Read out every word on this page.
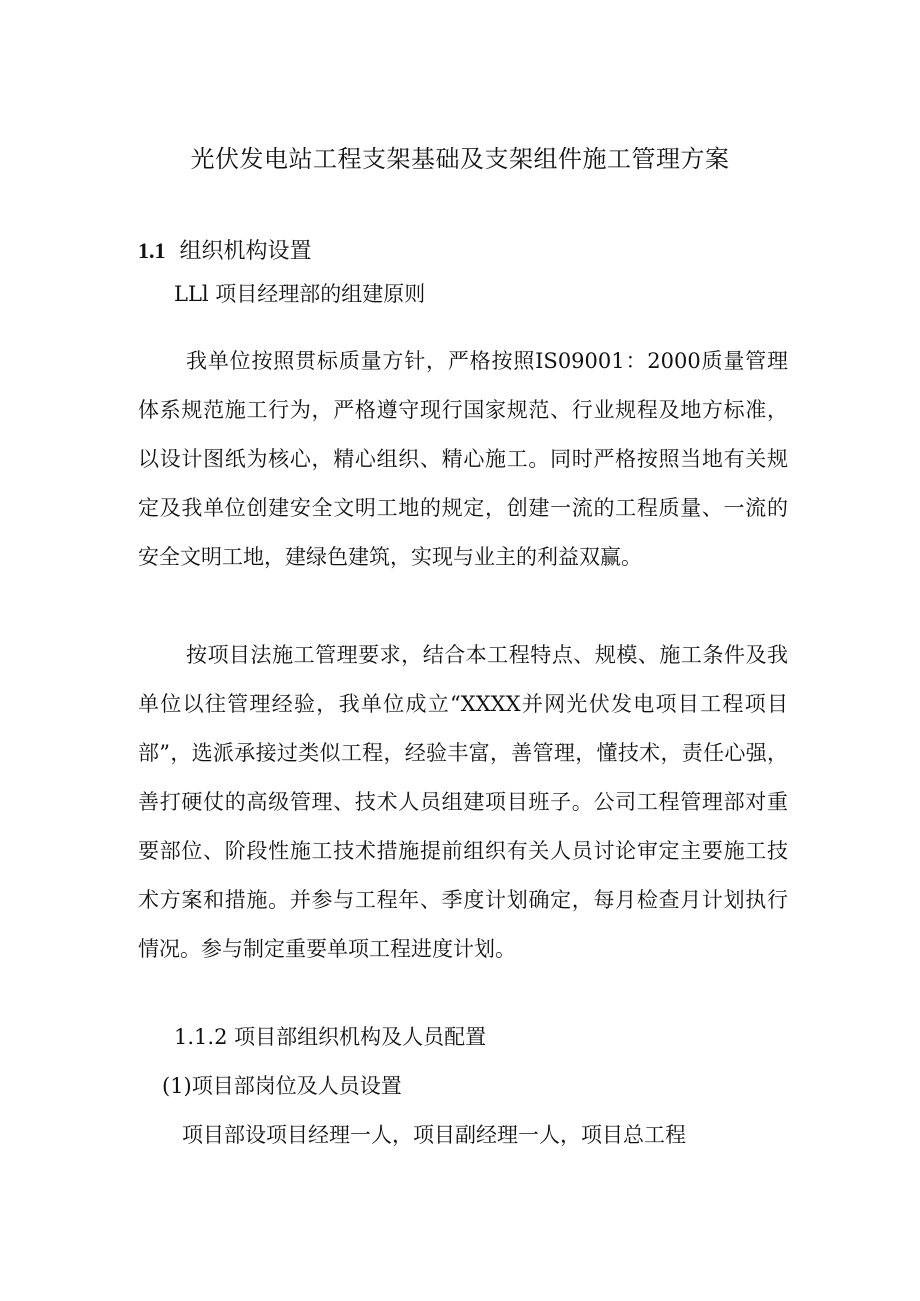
光伏发电站工程支架基础及支架组件施工管理方案
1.1 组织机构设置

LLl 项目经理部的组建原则

我单位按照贯标质量方针，严格按照IS09001：2000质量管理体系规范施工行为，严格遵守现行国家规范、行业规程及地方标准，以设计图纸为核心，精心组织、精心施工。同时严格按照当地有关规定及我单位创建安全文明工地的规定，创建一流的工程质量、一流的安全文明工地，建绿色建筑，实现与业主的利益双赢。

按项目法施工管理要求，结合本工程特点、规模、施工条件及我单位以往管理经验，我单位成立“XXXX并网光伏发电项目工程项目部”，选派承接过类似工程，经验丰富，善管理，懂技术，责任心强，善打硬仗的高级管理、技术人员组建项目班子。公司工程管理部对重要部位、阶段性施工技术措施提前组织有关人员讨论审定主要施工技术方案和措施。并参与工程年、季度计划确定，每月检查月计划执行情况。参与制定重要单项工程进度计划。

1.1.2 项目部组织机构及人员配置

(1)项目部岗位及人员设置

项目部设项目经理一人，项目副经理一人，项目总工程
